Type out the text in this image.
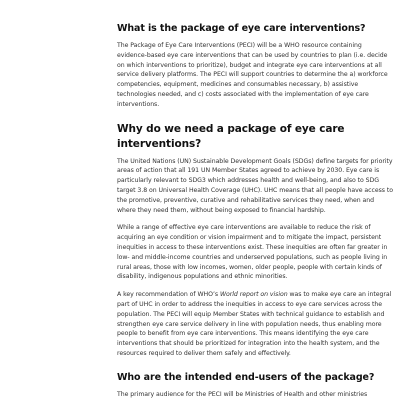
What is the package of eye care interventions?

The Package of Eye Care Interventions (PECI) will be a WHO resource containing evidence-based eye care interventions that can be used by countries to plan (i.e. decide on which interventions to prioritize), budget and integrate eye care interventions at all service delivery platforms. The PECI will support countries to determine the a) workforce competencies, equipment, medicines and consumables necessary, b) assistive technologies needed, and c) costs associated with the implementation of eye care interventions.

Why do we need a package of eye care interventions?

The United Nations (UN) Sustainable Development Goals (SDGs) define targets for priority areas of action that all 191 UN Member States agreed to achieve by 2030. Eye care is particularly relevant to SDG3 which addresses health and well-being, and also to SDG target 3.8 on Universal Health Coverage (UHC). UHC means that all people have access to the promotive, preventive, curative and rehabilitative services they need, when and where they need them, without being exposed to financial hardship.

While a range of effective eye care interventions are available to reduce the risk of acquiring an eye condition or vision impairment and to mitigate the impact, persistent inequities in access to these interventions exist. These inequities are often far greater in low- and middle-income countries and underserved populations, such as people living in rural areas, those with low incomes, women, older people, people with certain kinds of disability, indigenous populations and ethnic minorities.

A key recommendation of WHO’s World report on vision was to make eye care an integral part of UHC in order to address the inequities in access to eye care services across the population. The PECI will equip Member States with technical guidance to establish and strengthen eye care service delivery in line with population needs, thus enabling more people to benefit from eye care interventions. This means identifying the eye care interventions that should be prioritized for integration into the health system, and the resources required to deliver them safely and effectively.

Who are the intended end-users of the package?

The primary audience for the PECI will be Ministries of Health and other ministries
